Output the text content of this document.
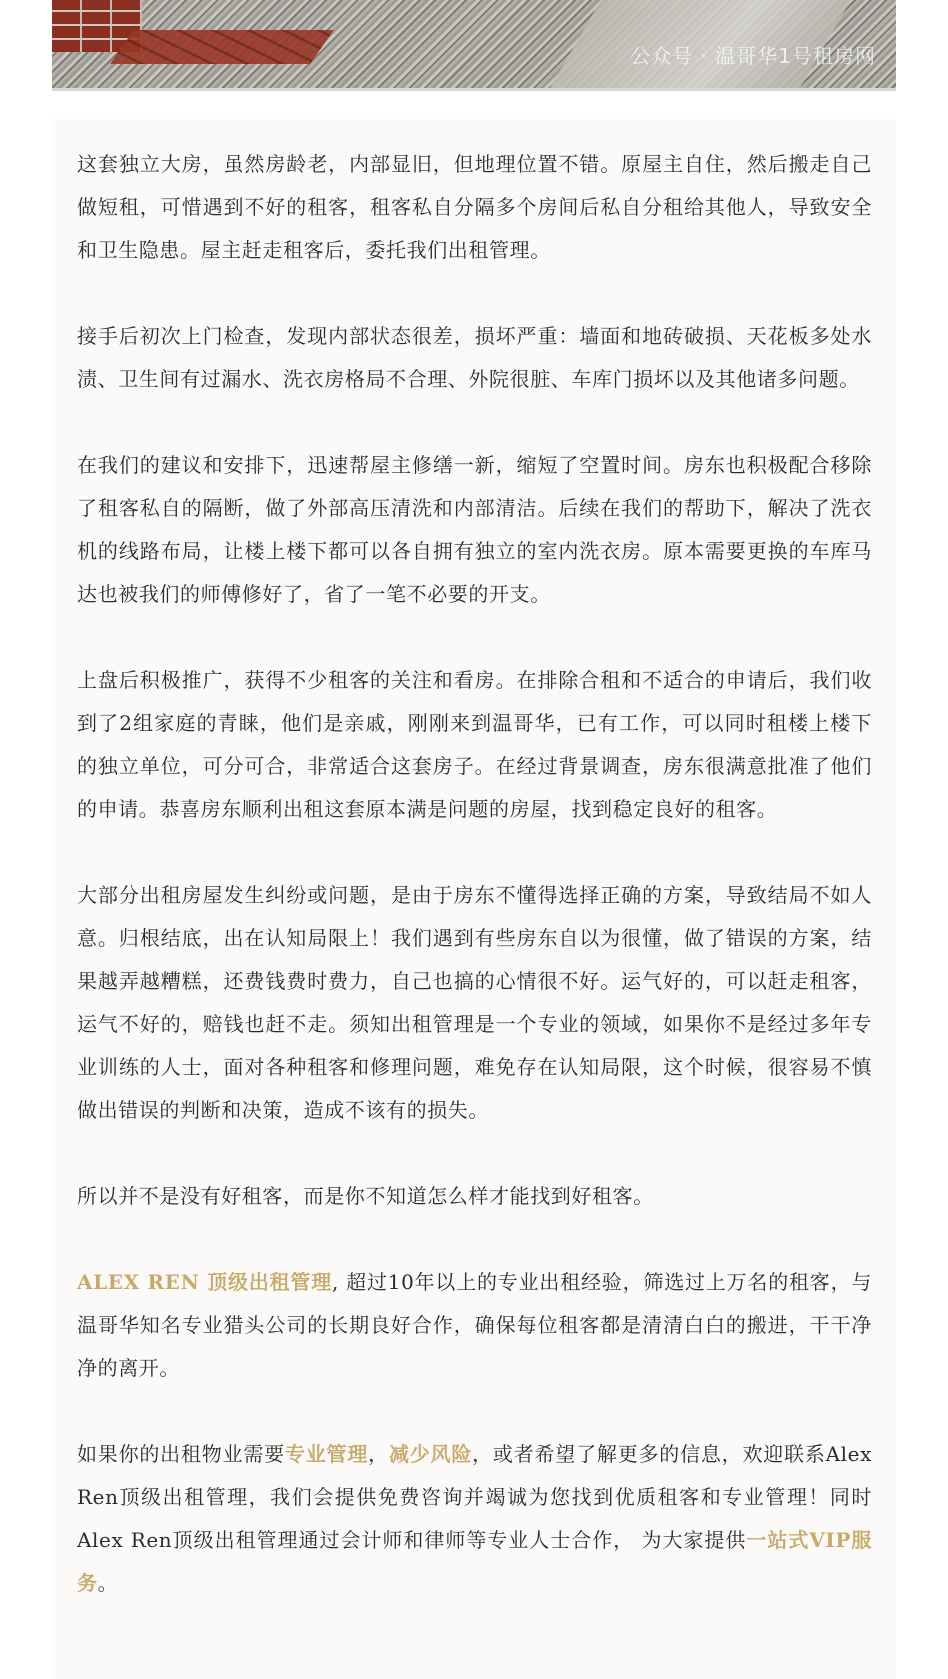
公众号 · 温哥华1号租房网

这套独立大房，虽然房龄老，内部显旧，但地理位置不错。原屋主自住，然后搬走自己做短租，可惜遇到不好的租客，租客私自分隔多个房间后私自分租给其他人，导致安全和卫生隐患。屋主赶走租客后，委托我们出租管理。

接手后初次上门检查，发现内部状态很差，损坏严重：墙面和地砖破损、天花板多处水渍、卫生间有过漏水、洗衣房格局不合理、外院很脏、车库门损坏以及其他诸多问题。

在我们的建议和安排下，迅速帮屋主修缮一新，缩短了空置时间。房东也积极配合移除了租客私自的隔断，做了外部高压清洗和内部清洁。后续在我们的帮助下，解决了洗衣机的线路布局，让楼上楼下都可以各自拥有独立的室内洗衣房。原本需要更换的车库马达也被我们的师傅修好了，省了一笔不必要的开支。

上盘后积极推广，获得不少租客的关注和看房。在排除合租和不适合的申请后，我们收到了2组家庭的青睐，他们是亲戚，刚刚来到温哥华，已有工作，可以同时租楼上楼下的独立单位，可分可合，非常适合这套房子。在经过背景调查，房东很满意批准了他们的申请。恭喜房东顺利出租这套原本满是问题的房屋，找到稳定良好的租客。

大部分出租房屋发生纠纷或问题，是由于房东不懂得选择正确的方案，导致结局不如人意。归根结底，出在认知局限上！我们遇到有些房东自以为很懂，做了错误的方案，结果越弄越糟糕，还费钱费时费力，自己也搞的心情很不好。运气好的，可以赶走租客，运气不好的，赔钱也赶不走。须知出租管理是一个专业的领域，如果你不是经过多年专业训练的人士，面对各种租客和修理问题，难免存在认知局限，这个时候，很容易不慎做出错误的判断和决策，造成不该有的损失。

所以并不是没有好租客，而是你不知道怎么样才能找到好租客。

ALEX REN 顶级出租管理, 超过10年以上的专业出租经验，筛选过上万名的租客，与温哥华知名专业猎头公司的长期良好合作，确保每位租客都是清清白白的搬进，干干净净的离开。

如果你的出租物业需要专业管理，减少风险，或者希望了解更多的信息，欢迎联系Alex Ren顶级出租管理，我们会提供免费咨询并竭诚为您找到优质租客和专业管理！同时Alex Ren顶级出租管理通过会计师和律师等专业人士合作， 为大家提供一站式VIP服务。
